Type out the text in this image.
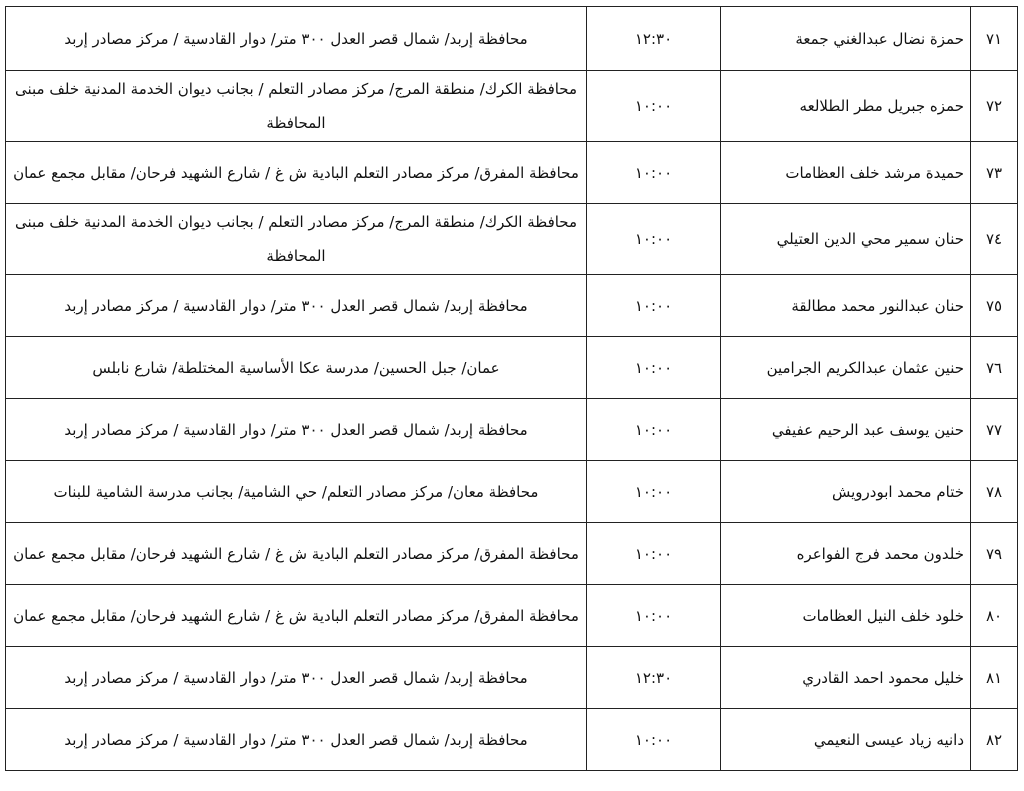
٧١	حمزة نضال عبدالغني جمعة	١٢:٣٠	محافظة إربد/ شمال قصر العدل ٣٠٠ متر/ دوار القادسية / مركز مصادر إربد
٧٢	حمزه جبريل مطر الطلالعه	١٠:٠٠	محافظة الكرك/ منطقة المرج/ مركز مصادر التعلم / بجانب ديوان الخدمة المدنية خلف مبنى المحافظة

٧٣	حميدة مرشد خلف العظامات	١٠:٠٠	محافظة المفرق/ مركز مصادر التعلم البادية ش غ / شارع الشهيد فرحان/ مقابل مجمع عمان
٧٤	حنان سمير محي الدين العتيلي	١٠:٠٠	محافظة الكرك/ منطقة المرج/ مركز مصادر التعلم / بجانب ديوان الخدمة المدنية خلف مبنى المحافظة

٧٥	حنان عبدالنور محمد مطالقة	١٠:٠٠	محافظة إربد/ شمال قصر العدل ٣٠٠ متر/ دوار القادسية / مركز مصادر إربد
٧٦	حنين عثمان عبدالكريم الجرامين	١٠:٠٠	عمان/ جبل الحسين/ مدرسة عكا الأساسية المختلطة/ شارع نابلس
٧٧	حنين يوسف عبد الرحيم عفيفي	١٠:٠٠	محافظة إربد/ شمال قصر العدل ٣٠٠ متر/ دوار القادسية / مركز مصادر إربد
٧٨	ختام محمد ابودرويش	١٠:٠٠	محافظة معان/ مركز مصادر التعلم/ حي الشامية/ بجانب مدرسة الشامية للبنات
٧٩	خلدون محمد فرج الفواعره	١٠:٠٠	محافظة المفرق/ مركز مصادر التعلم البادية ش غ / شارع الشهيد فرحان/ مقابل مجمع عمان
٨٠	خلود خلف النيل العظامات	١٠:٠٠	محافظة المفرق/ مركز مصادر التعلم البادية ش غ / شارع الشهيد فرحان/ مقابل مجمع عمان
٨١	خليل محمود احمد القادري	١٢:٣٠	محافظة إربد/ شمال قصر العدل ٣٠٠ متر/ دوار القادسية / مركز مصادر إربد
٨٢	دانيه زياد عيسى النعيمي	١٠:٠٠	محافظة إربد/ شمال قصر العدل ٣٠٠ متر/ دوار القادسية / مركز مصادر إربد
